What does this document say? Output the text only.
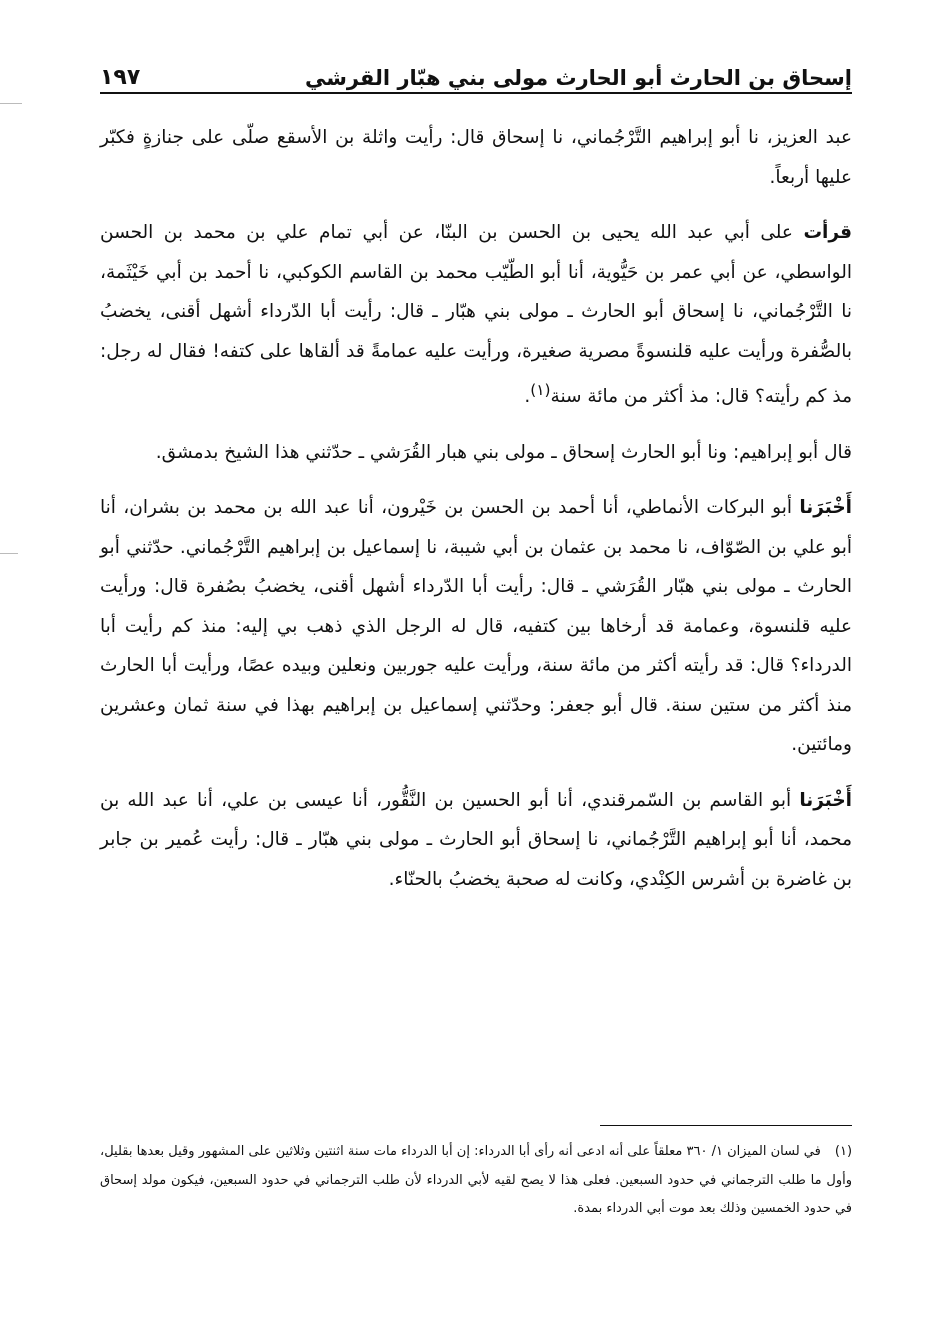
إسحاق بن الحارث أبو الحارث مولى بني هبّار القرشي
١٩٧

عبد العزيز، نا أبو إبراهيم التَّرْجُماني، نا إسحاق قال: رأيت واثلة بن الأسقع صلّى على جنازةٍ فكبّر عليها أربعاً.

قرأت على أبي عبد الله يحيى بن الحسن بن البنّا، عن أبي تمام علي بن محمد بن الحسن الواسطي، عن أبي عمر بن حَيُّوية، أنا أبو الطّيّب محمد بن القاسم الكوكبي، نا أحمد بن أبي خَيْثَمة، نا التَّرْجُماني، نا إسحاق أبو الحارث ـ مولى بني هبّار ـ قال: رأيت أبا الدّرداء أشهل أقنى، يخضبُ بالصُّفرة ورأيت عليه قلنسوةً مصرية صغيرة، ورأيت عليه عمامةً قد ألقاها على كتفه! فقال له رجل: مذ كم رأيته؟ قال: مذ أكثر من مائة سنة$^{(١)}$.

قال أبو إبراهيم: ونا أبو الحارث إسحاق ـ مولى بني هبار القُرَشي ـ حدّثني هذا الشيخ بدمشق.

أَخْبَرَنا أبو البركات الأنماطي، أنا أحمد بن الحسن بن خَيْرون، أنا عبد الله بن محمد بن بشران، أنا أبو علي بن الصّوّاف، نا محمد بن عثمان بن أبي شيبة، نا إسماعيل بن إبراهيم التَّرْجُماني. حدّثني أبو الحارث ـ مولى بني هبّار القُرَشي ـ قال: رأيت أبا الدّرداء أشهل أقنى، يخضبُ بصُفرة قال: ورأيت عليه قلنسوة، وعمامة قد أرخاها بين كتفيه، قال له الرجل الذي ذهب بي إليه: منذ كم رأيت أبا الدرداء؟ قال: قد رأيته أكثر من مائة سنة، ورأيت عليه جوربين ونعلين وبيده عصًا، ورأيت أبا الحارث منذ أكثر من ستين سنة. قال أبو جعفر: وحدّثني إسماعيل بن إبراهيم بهذا في سنة ثمان وعشرين ومائتين.

أَخْبَرَنا أبو القاسم بن السّمرقندي، أنا أبو الحسين بن النَّقُّور، أنا عيسى بن علي، أنا عبد الله بن محمد، أنا أبو إبراهيم التَّرْجُماني، نا إسحاق أبو الحارث ـ مولى بني هبّار ـ قال: رأيت عُمير بن جابر بن غاضرة بن أشرس الكِنْدي، وكانت له صحبة يخضبُ بالحنّاء.

(١)في لسان الميزان ١/ ٣٦٠ معلقاً على أنه ادعى أنه رأى أبا الدرداء: إن أبا الدرداء مات سنة اثنتين وثلاثين على المشهور وقيل بعدها بقليل، وأول ما طلب الترجماني في حدود السبعين. فعلى هذا لا يصح لقيه لأبي الدرداء لأن طلب الترجماني في حدود السبعين، فيكون مولد إسحاق في حدود الخمسين وذلك بعد موت أبي الدرداء بمدة.
